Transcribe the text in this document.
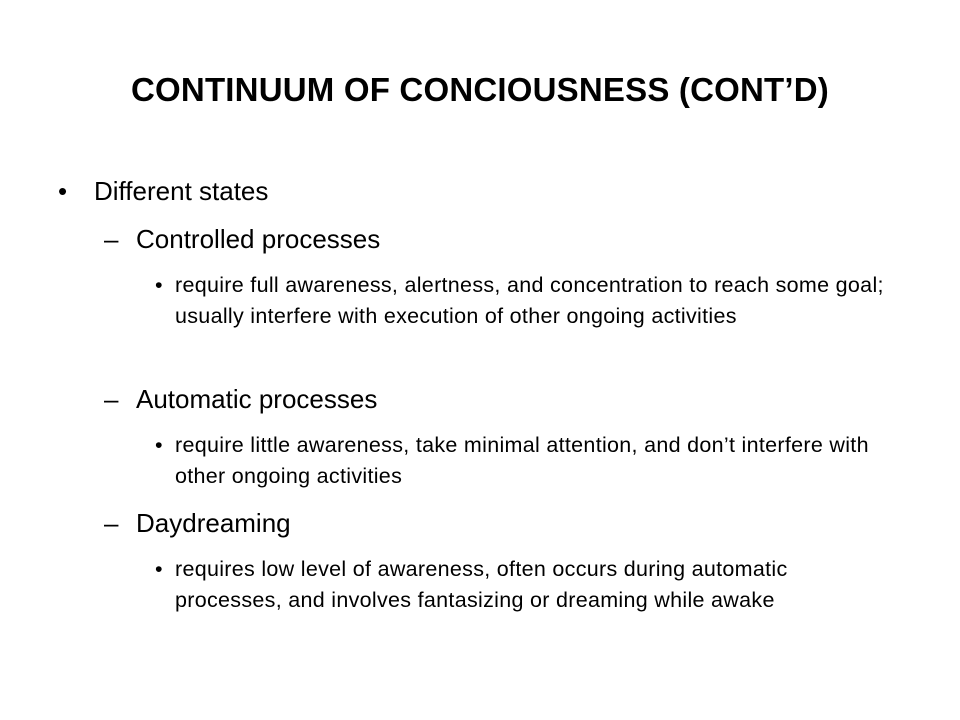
CONTINUUM OF CONCIOUSNESS (CONT’D)
• Different states
– Controlled processes
• require full awareness, alertness, and concentration to reach some goal; usually interfere with execution of other ongoing activities
– Automatic processes
• require little awareness, take minimal attention, and don’t interfere with other ongoing activities
– Daydreaming
• requires low level of awareness, often occurs during automatic processes, and involves fantasizing or dreaming while awake
